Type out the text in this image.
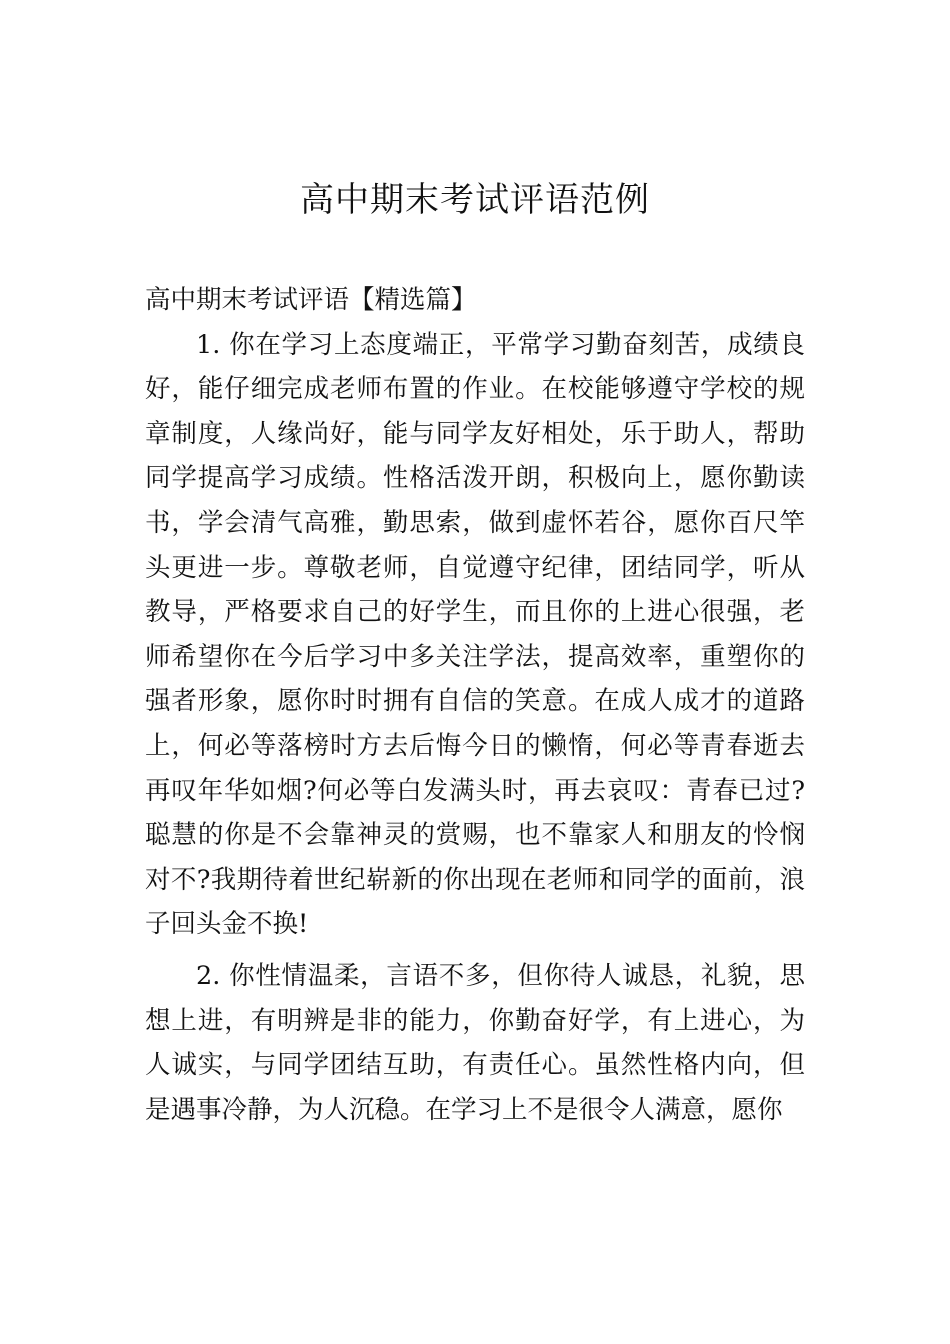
高中期末考试评语范例

高中期末考试评语【精选篇】

1. 你在学习上态度端正，平常学习勤奋刻苦，成绩良好，能仔细完成老师布置的作业。在校能够遵守学校的规章制度，人缘尚好，能与同学友好相处，乐于助人，帮助同学提高学习成绩。性格活泼开朗，积极向上，愿你勤读书，学会清气高雅，勤思索，做到虚怀若谷，愿你百尺竿头更进一步。尊敬老师，自觉遵守纪律，团结同学，听从教导，严格要求自己的好学生，而且你的上进心很强，老师希望你在今后学习中多关注学法，提高效率，重塑你的强者形象，愿你时时拥有自信的笑意。在成人成才的道路上，何必等落榜时方去后悔今日的懒惰，何必等青春逝去再叹年华如烟?何必等白发满头时，再去哀叹：青春已过?聪慧的你是不会靠神灵的赏赐，也不靠家人和朋友的怜悯对不?我期待着世纪崭新的你出现在老师和同学的面前，浪子回头金不换!

2. 你性情温柔，言语不多，但你待人诚恳，礼貌，思想上进，有明辨是非的能力，你勤奋好学，有上进心，为人诚实，与同学团结互助，有责任心。虽然性格内向，但是遇事冷静，为人沉稳。在学习上不是很令人满意，愿你
